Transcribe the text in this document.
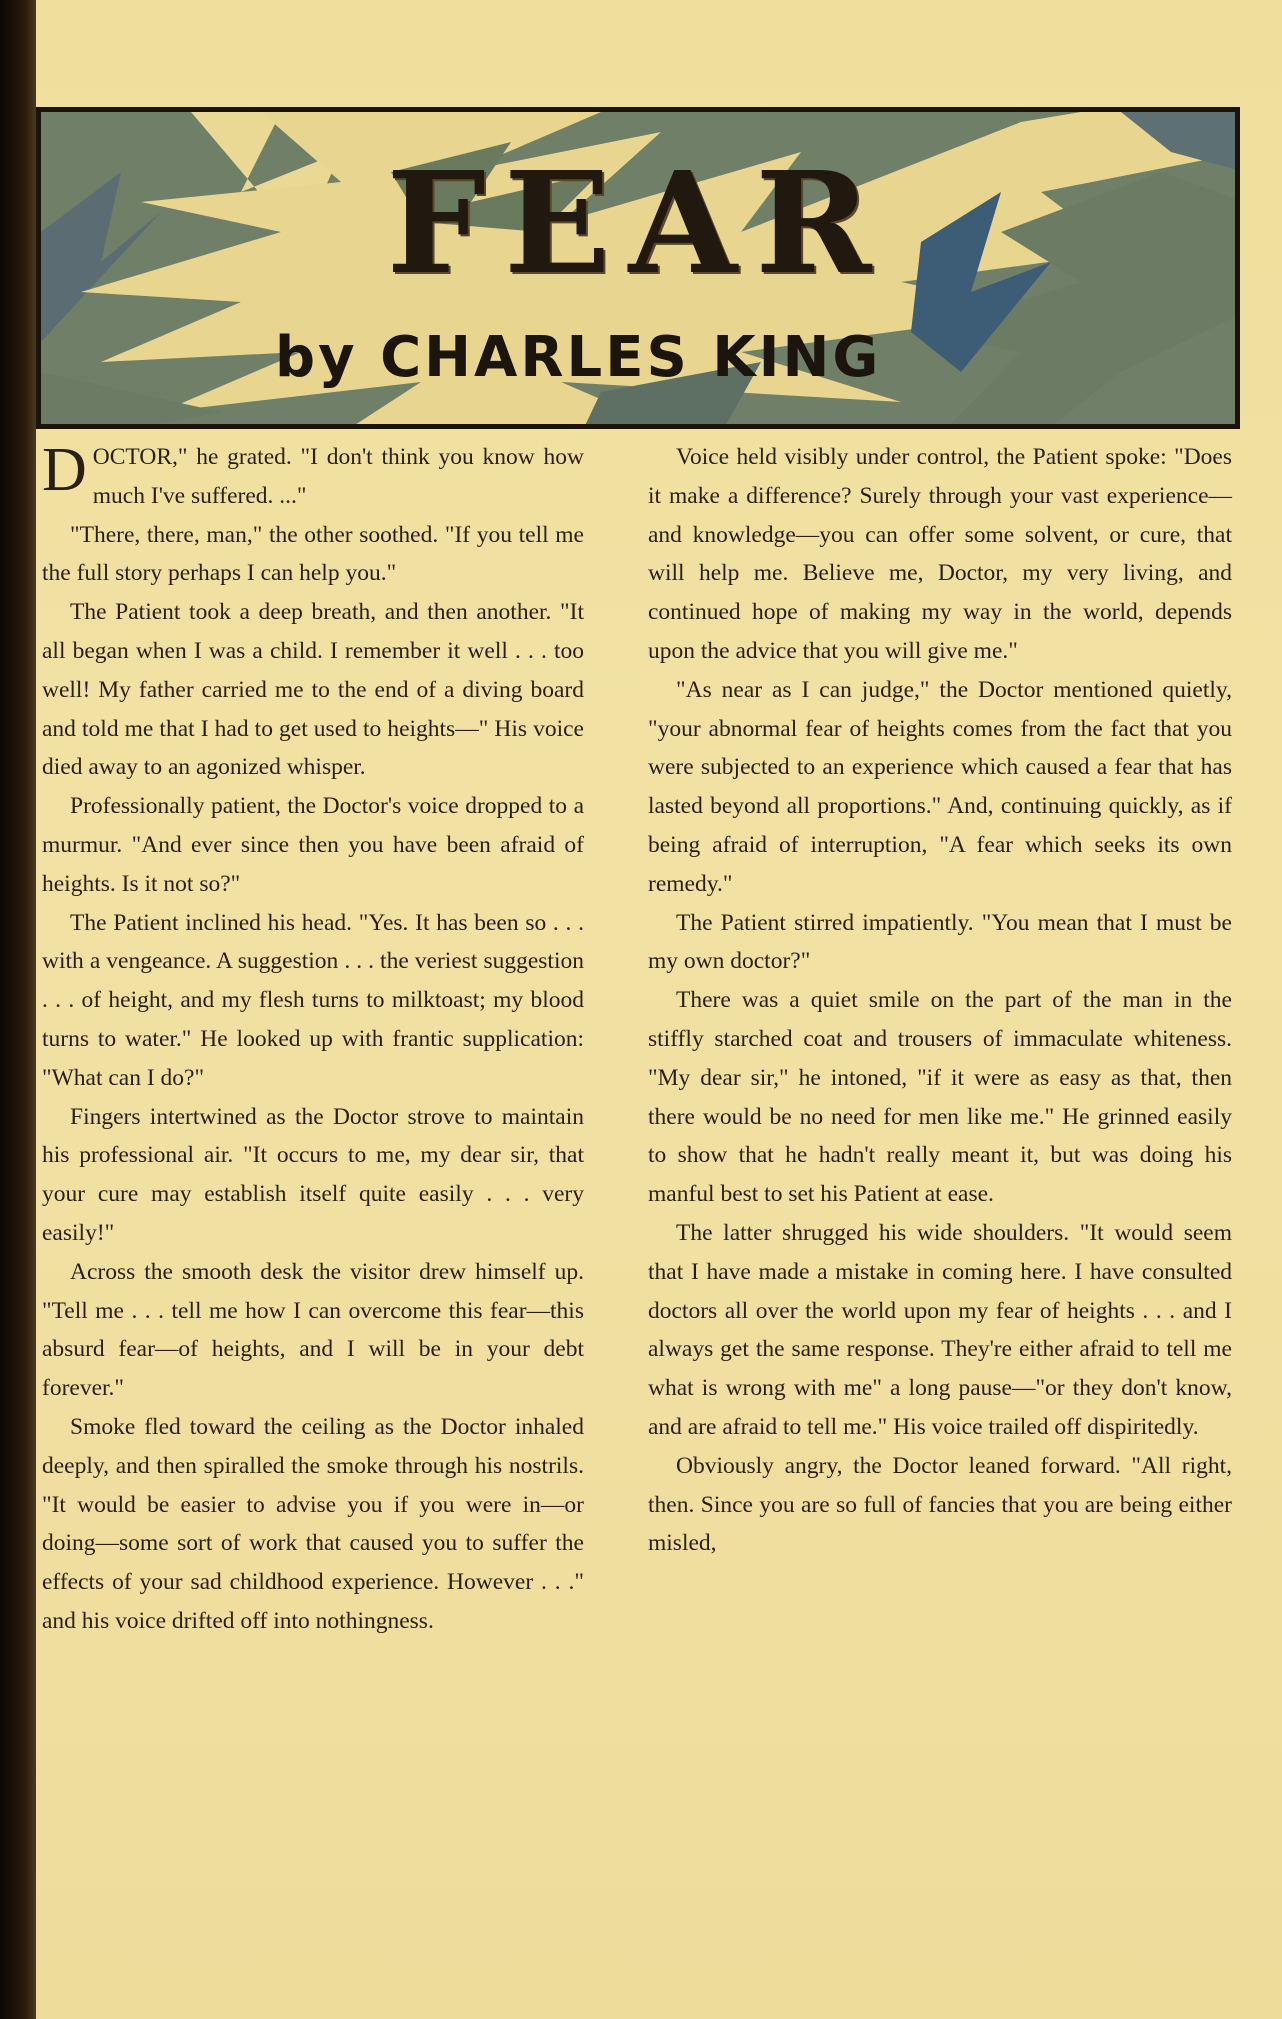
FEAR
by CHARLES KING

DOCTOR," he grated. "I don't think you know how much I've suffered. ..."

"There, there, man," the other soothed. "If you tell me the full story perhaps I can help you."

The Patient took a deep breath, and then another. "It all began when I was a child. I remember it well . . . too well! My father carried me to the end of a diving board and told me that I had to get used to heights—" His voice died away to an agonized whisper.

Professionally patient, the Doctor's voice dropped to a murmur. "And ever since then you have been afraid of heights. Is it not so?"

The Patient inclined his head. "Yes. It has been so . . . with a vengeance. A suggestion . . . the veriest suggestion . . . of height, and my flesh turns to milktoast; my blood turns to water." He looked up with frantic supplication: "What can I do?"

Fingers intertwined as the Doctor strove to maintain his professional air. "It occurs to me, my dear sir, that your cure may establish itself quite easily . . . very easily!"

Across the smooth desk the visitor drew himself up. "Tell me . . . tell me how I can overcome this fear—this absurd fear—of heights, and I will be in your debt forever."

Smoke fled toward the ceiling as the Doctor inhaled deeply, and then spiralled the smoke through his nostrils. "It would be easier to advise you if you were in—or doing—some sort of work that caused you to suffer the effects of your sad childhood experience. However . . ." and his voice drifted off into nothingness.

Voice held visibly under control, the Patient spoke: "Does it make a difference? Surely through your vast experience—and knowledge—you can offer some solvent, or cure, that will help me. Believe me, Doctor, my very living, and continued hope of making my way in the world, depends upon the advice that you will give me."

"As near as I can judge," the Doctor mentioned quietly, "your abnormal fear of heights comes from the fact that you were subjected to an experience which caused a fear that has lasted beyond all proportions." And, continuing quickly, as if being afraid of interruption, "A fear which seeks its own remedy."

The Patient stirred impatiently. "You mean that I must be my own doctor?"

There was a quiet smile on the part of the man in the stiffly starched coat and trousers of immaculate whiteness. "My dear sir," he intoned, "if it were as easy as that, then there would be no need for men like me." He grinned easily to show that he hadn't really meant it, but was doing his manful best to set his Patient at ease.

The latter shrugged his wide shoulders. "It would seem that I have made a mistake in coming here. I have consulted doctors all over the world upon my fear of heights . . . and I always get the same response. They're either afraid to tell me what is wrong with me" a long pause—"or they don't know, and are afraid to tell me." His voice trailed off dispiritedly.

Obviously angry, the Doctor leaned forward. "All right, then. Since you are so full of fancies that you are being either misled,
